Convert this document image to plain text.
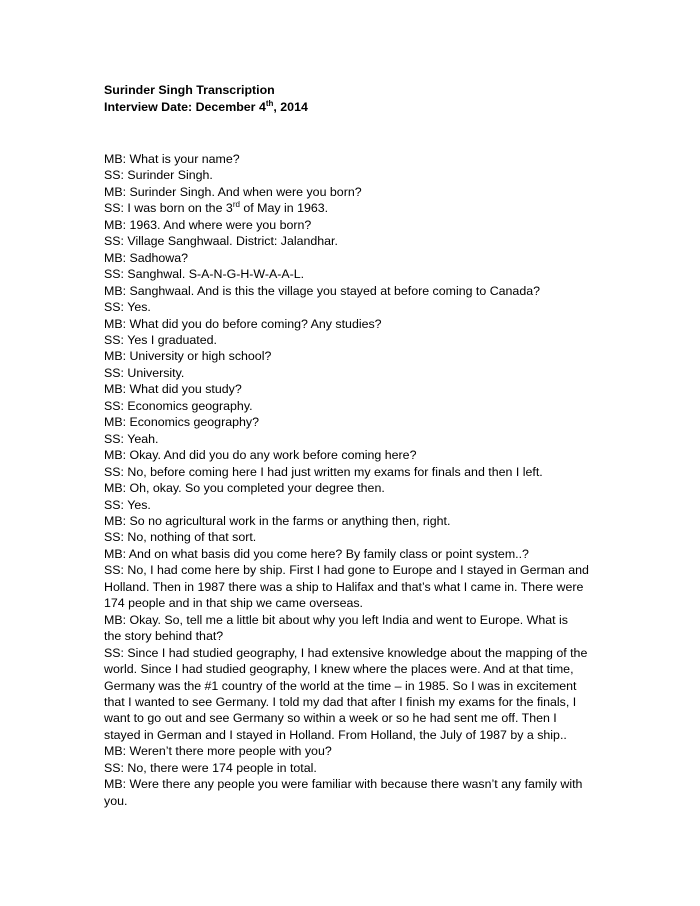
Surinder Singh Transcription
Interview Date: December 4th, 2014
MB: What is your name?
SS: Surinder Singh.
MB: Surinder Singh. And when were you born?
SS: I was born on the 3rd of May in 1963.
MB: 1963. And where were you born?
SS: Village Sanghwaal. District: Jalandhar.
MB: Sadhowa?
SS: Sanghwal. S-A-N-G-H-W-A-A-L.
MB: Sanghwaal. And is this the village you stayed at before coming to Canada?
SS: Yes.
MB: What did you do before coming? Any studies?
SS: Yes I graduated.
MB: University or high school?
SS: University.
MB: What did you study?
SS: Economics geography.
MB: Economics geography?
SS: Yeah.
MB: Okay. And did you do any work before coming here?
SS: No, before coming here I had just written my exams for finals and then I left.
MB: Oh, okay. So you completed your degree then.
SS: Yes.
MB: So no agricultural work in the farms or anything then, right.
SS: No, nothing of that sort.
MB: And on what basis did you come here? By family class or point system..?
SS: No, I had come here by ship. First I had gone to Europe and I stayed in German and
Holland. Then in 1987 there was a ship to Halifax and that’s what I came in. There were
174 people and in that ship we came overseas.
MB: Okay. So, tell me a little bit about why you left India and went to Europe. What is
the story behind that?
SS: Since I had studied geography, I had extensive knowledge about the mapping of the
world. Since I had studied geography, I knew where the places were. And at that time,
Germany was the #1 country of the world at the time – in 1985. So I was in excitement
that I wanted to see Germany. I told my dad that after I finish my exams for the finals, I
want to go out and see Germany so within a week or so he had sent me off. Then I
stayed in German and I stayed in Holland. From Holland, the July of 1987 by a ship..
MB: Weren’t there more people with you?
SS: No, there were 174 people in total.
MB: Were there any people you were familiar with because there wasn’t any family with
you.
